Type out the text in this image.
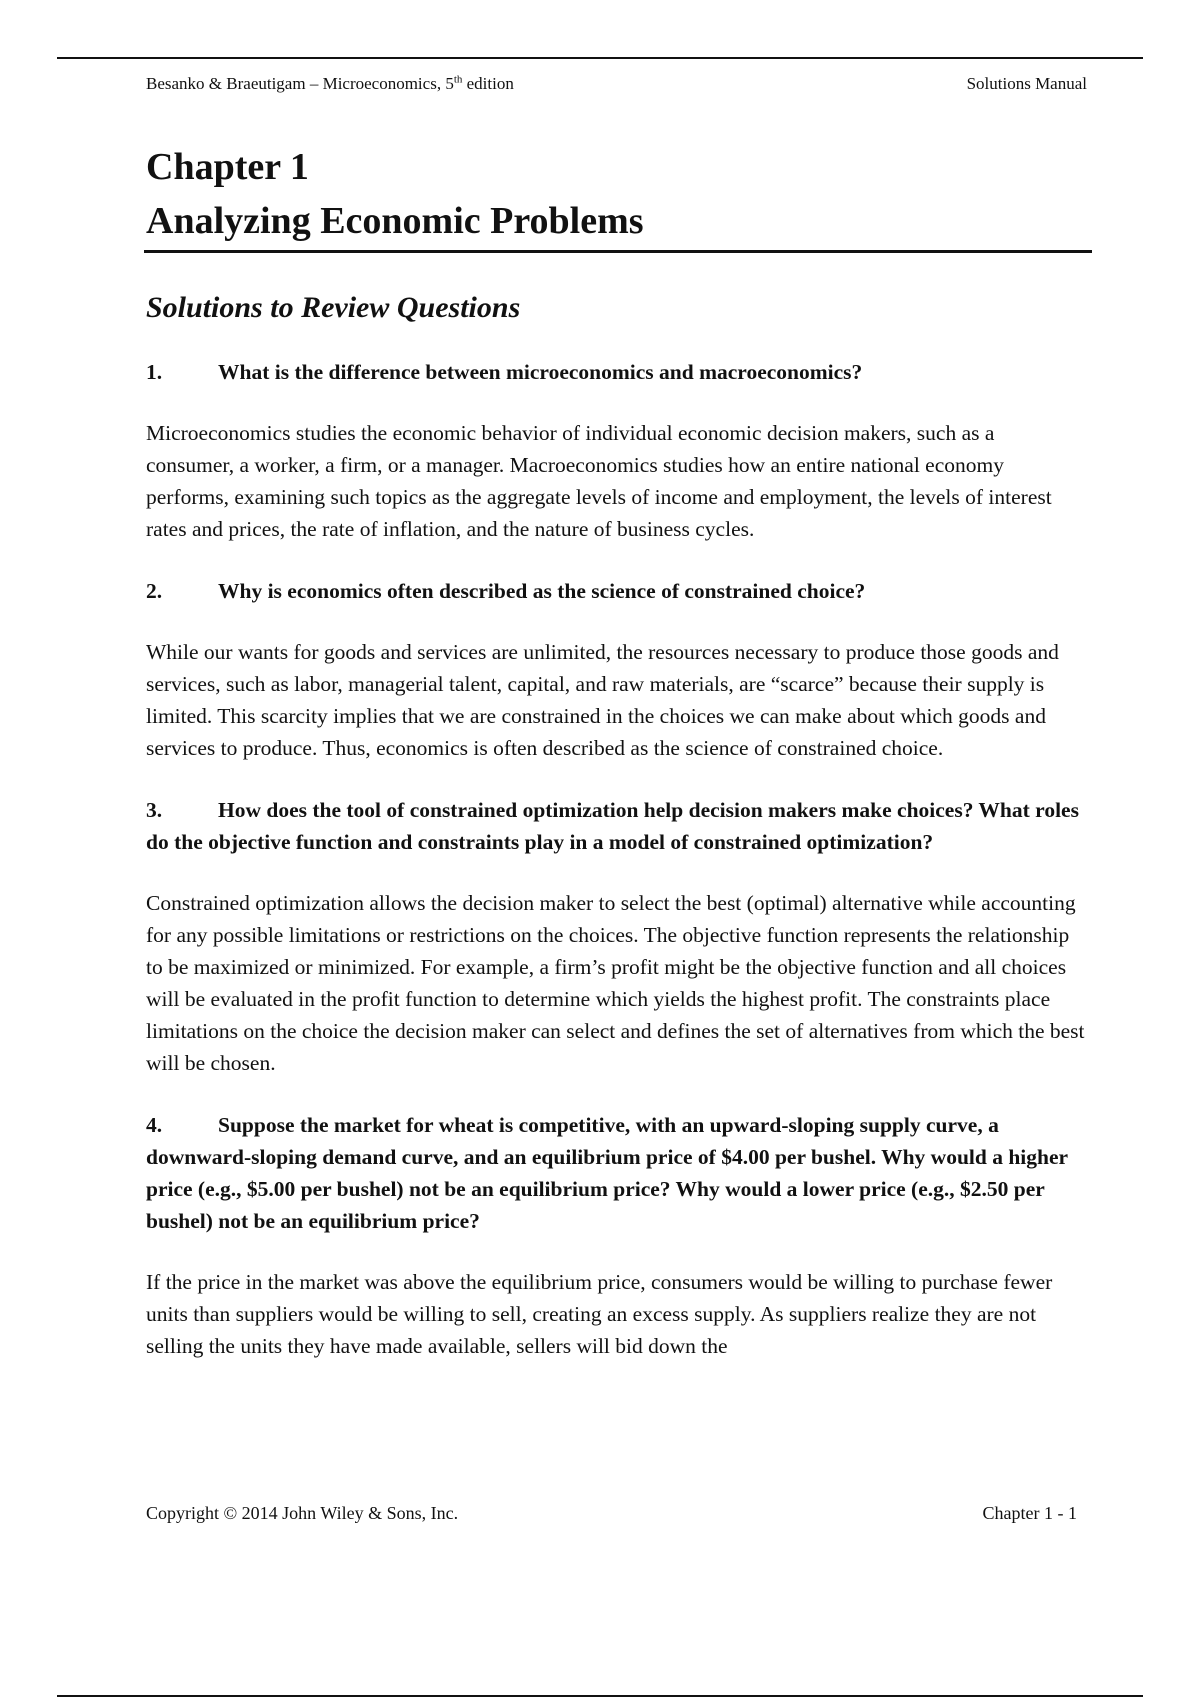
Besanko & Braeutigam – Microeconomics, 5th edition	Solutions Manual
Chapter 1
Analyzing Economic Problems
Solutions to Review Questions

1.	What is the difference between microeconomics and macroeconomics?

Microeconomics studies the economic behavior of individual economic decision makers, such as a consumer, a worker, a firm, or a manager. Macroeconomics studies how an entire national economy performs, examining such topics as the aggregate levels of income and employment, the levels of interest rates and prices, the rate of inflation, and the nature of business cycles.

2.	Why is economics often described as the science of constrained choice?

While our wants for goods and services are unlimited, the resources necessary to produce those goods and services, such as labor, managerial talent, capital, and raw materials, are “scarce” because their supply is limited. This scarcity implies that we are constrained in the choices we can make about which goods and services to produce. Thus, economics is often described as the science of constrained choice.

3.	How does the tool of constrained optimization help decision makers make choices? What roles do the objective function and constraints play in a model of constrained optimization?

Constrained optimization allows the decision maker to select the best (optimal) alternative while accounting for any possible limitations or restrictions on the choices. The objective function represents the relationship to be maximized or minimized. For example, a firm’s profit might be the objective function and all choices will be evaluated in the profit function to determine which yields the highest profit. The constraints place limitations on the choice the decision maker can select and defines the set of alternatives from which the best will be chosen.

4.	Suppose the market for wheat is competitive, with an upward-sloping supply curve, a downward-sloping demand curve, and an equilibrium price of $4.00 per bushel. Why would a higher price (e.g., $5.00 per bushel) not be an equilibrium price? Why would a lower price (e.g., $2.50 per bushel) not be an equilibrium price?

If the price in the market was above the equilibrium price, consumers would be willing to purchase fewer units than suppliers would be willing to sell, creating an excess supply. As suppliers realize they are not selling the units they have made available, sellers will bid down the

Copyright © 2014 John Wiley & Sons, Inc.	Chapter 1 - 1
